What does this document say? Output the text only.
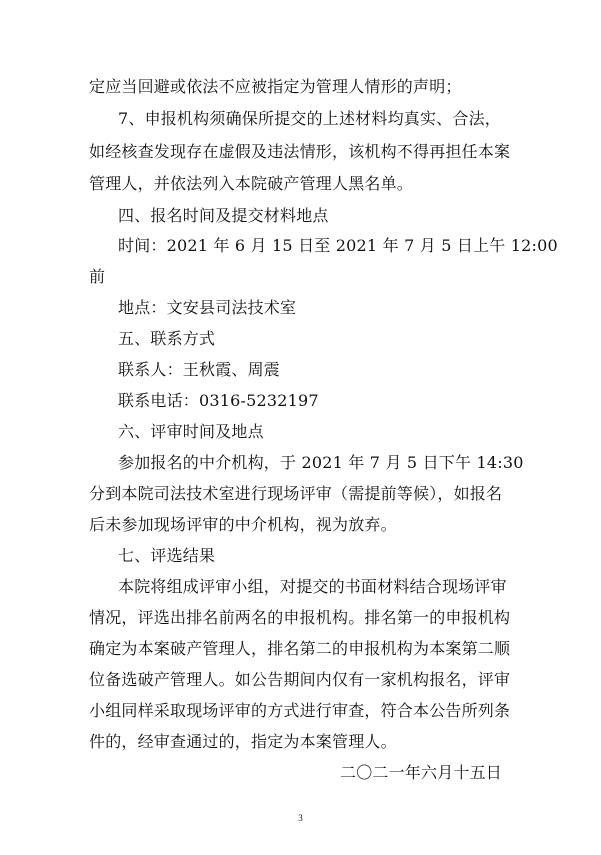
定应当回避或依法不应被指定为管理人情形的声明；
7、申报机构须确保所提交的上述材料均真实、合法，
如经核查发现存在虚假及违法情形，该机构不得再担任本案
管理人，并依法列入本院破产管理人黑名单。
四、报名时间及提交材料地点
时间：2021 年 6 月 15 日至 2021 年 7 月 5 日上午 12:00
前
地点：文安县司法技术室
五、联系方式
联系人：王秋霞、周震
联系电话：0316-5232197
六、评审时间及地点
参加报名的中介机构，于 2021 年 7 月 5 日下午 14:30
分到本院司法技术室进行现场评审（需提前等候），如报名
后未参加现场评审的中介机构，视为放弃。
七、评选结果
本院将组成评审小组，对提交的书面材料结合现场评审
情况，评选出排名前两名的申报机构。排名第一的申报机构
确定为本案破产管理人，排名第二的申报机构为本案第二顺
位备选破产管理人。如公告期间内仅有一家机构报名，评审
小组同样采取现场评审的方式进行审查，符合本公告所列条
件的，经审查通过的，指定为本案管理人。
二〇二一年六月十五日
3
